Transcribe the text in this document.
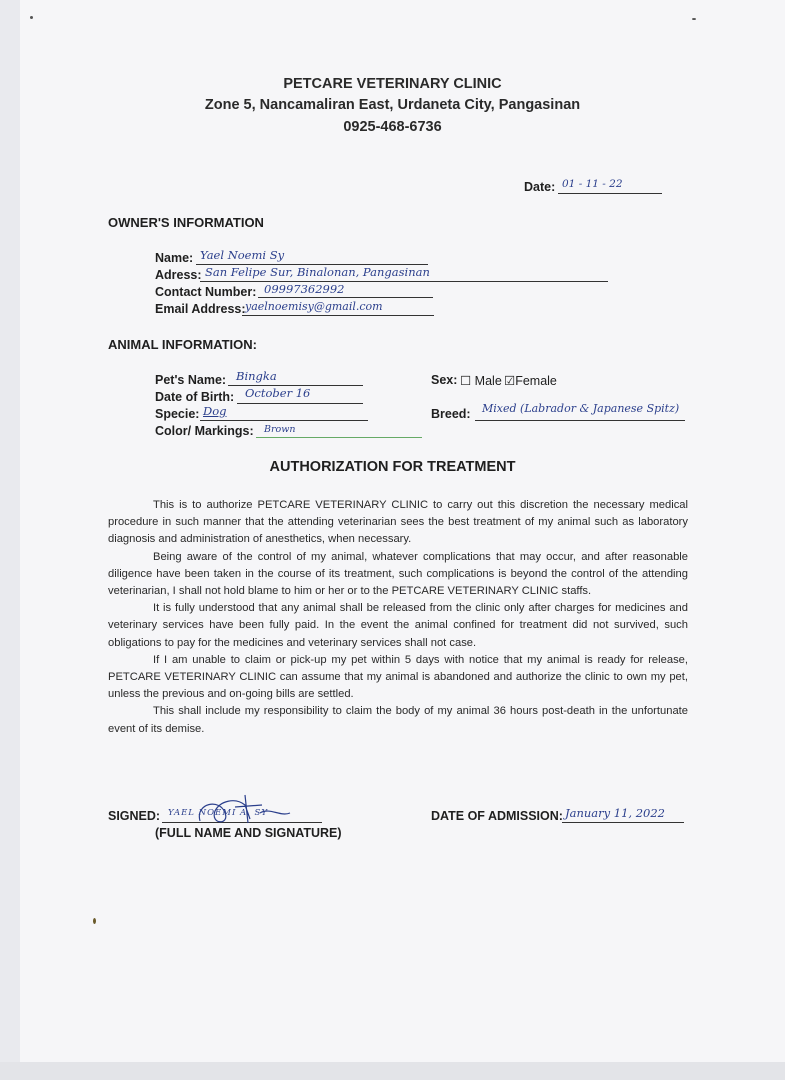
PETCARE VETERINARY CLINIC
Zone 5, Nancamaliran East, Urdaneta City, Pangasinan
0925-468-6736
Date: 01 - 11 - 22
OWNER'S INFORMATION
Name: Yael Noemi Sy
Adress: San Felipe Sur, Binalonan, Pangasinan
Contact Number: 09997362992
Email Address: yaelnoemisy@gmail.com
ANIMAL INFORMATION:
Pet's Name: Bingka
Date of Birth: October 16
Specie: Dog
Color/ Markings: Brown
Sex: ☐ Male ☑Female
Breed: Mixed (Labrador & Japanese Spitz)
AUTHORIZATION FOR TREATMENT

This is to authorize PETCARE VETERINARY CLINIC to carry out this discretion the necessary medical procedure in such manner that the attending veterinarian sees the best treatment of my animal such as laboratory diagnosis and administration of anesthetics, when necessary.

Being aware of the control of my animal, whatever complications that may occur, and after reasonable diligence have been taken in the course of its treatment, such complications is beyond the control of the attending veterinarian, I shall not hold blame to him or her or to the PETCARE VETERINARY CLINIC staffs.

It is fully understood that any animal shall be released from the clinic only after charges for medicines and veterinary services have been fully paid. In the event the animal confined for treatment did not survived, such obligations to pay for the medicines and veterinary services shall not case.

If I am unable to claim or pick-up my pet within 5 days with notice that my animal is ready for release, PETCARE VETERINARY CLINIC can assume that my animal is abandoned and authorize the clinic to own my pet, unless the previous and on-going bills are settled.

This shall include my responsibility to claim the body of my animal 36 hours post-death in the unfortunate event of its demise.

SIGNED: YAEL NOEMI A. SY
(FULL NAME AND SIGNATURE)
DATE OF ADMISSION: January 11, 2022
